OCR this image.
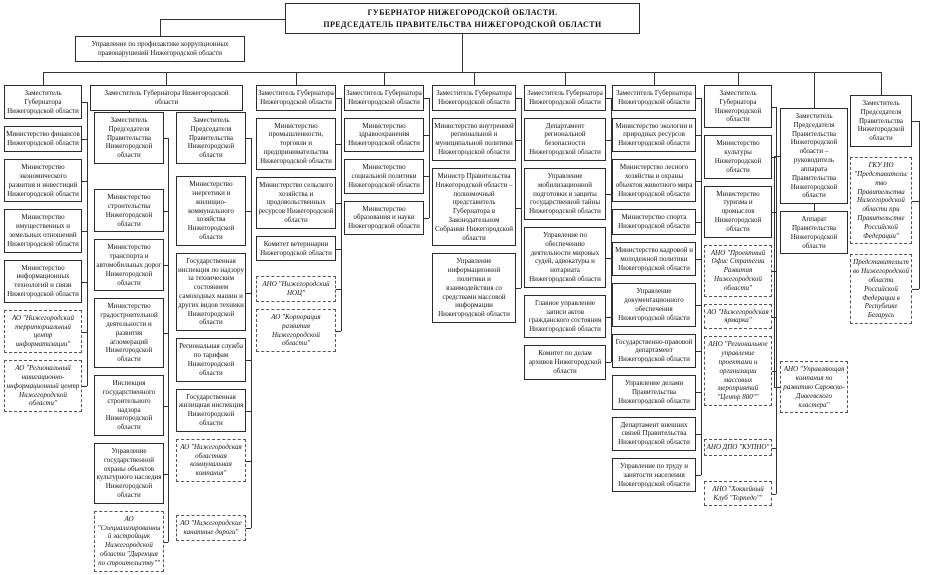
ГУБЕРНАТОР НИЖЕГОРОДСКОЙ ОБЛАСТИ.
ПРЕДСЕДАТЕЛЬ ПРАВИТЕЛЬСТВА НИЖЕГОРОДСКОЙ ОБЛАСТИ
Управление по профилактике коррупционных правонарушений Нижегородской области
Заместитель Губернатора Нижегородской области
Заместитель Губернатора Нижегородской области
Министерство финансов Нижегородской области
Министерство экономического развития и инвестиций Нижегородской области
Министерство имущественных и земельных отношений Нижегородской области
Министерство информационных технологий и связи Нижегородской области
АО "Нижегородский территориальный центр информатизации"
АО "Региональный навигационно-информационный центр Нижегородской области"
Заместитель Председателя Правительства Нижегородской области
Министерство строительства Нижегородской области
Министерство транспорта и автомобильных дорог Нижегородской области
Министерство градостроительной деятельности и развития агломераций Нижегородской области
Инспекция государственного строительного надзора Нижегородской области
Управление государственной охраны объектов культурного наследия Нижегородской области
АО "Специализированный застройщик Нижегородской области "Дирекция по строительству""
Заместитель Председателя Правительства Нижегородской области
Министерство энергетики и жилищно-коммунального хозяйства Нижегородской области
Государственная инспекция по надзору за техническим состоянием самоходных машин и других видов техники Нижегородской области
Региональная служба по тарифам Нижегородской области
Государственная жилищная инспекция Нижегородской области
АО "Нижегородская областная коммунальная компания"
АО "Нижегородские канатные дороги"
Заместитель Губернатора Нижегородской области
Министерство промышленности, торговли и предпринимательства Нижегородской области
Министерство сельского хозяйства и продовольственных ресурсов Нижегородской области
Комитет ветеринарии Нижегородской области
АНО "Нижегородский НОЦ"
АО "Корпорация развития Нижегородской области"
Заместитель Губернатора Нижегородской области
Министерство здравоохранения Нижегородской области
Министерство социальной политики Нижегородской области
Министерство образования и науки Нижегородской области
Заместитель Губернатора Нижегородской области
Министерство внутренней региональной и муниципальной политики Нижегородской области
Министр Правительства Нижегородской области – полномочный представитель Губернатора в Законодательном Собрании Нижегородской области
Управление информационной политики и взаимодействия со средствами массовой информации Нижегородской области
Заместитель Губернатора Нижегородской области
Департамент региональной безопасности Нижегородской области
Управление мобилизационной подготовки и защиты государственной тайны Нижегородской области
Управление по обеспечению деятельности мировых судей, адвокатуры и нотариата Нижегородской области
Главное управление записи актов гражданского состояния Нижегородской области
Комитет по делам архивов Нижегородской области
Заместитель Губернатора Нижегородской области
Министерство экологии и природных ресурсов Нижегородской области
Министерство лесного хозяйства и охраны объектов животного мира Нижегородской области
Министерство спорта Нижегородской области
Министерство кадровой и молодежной политики Нижегородской области
Управление документационного обеспечения Нижегородской области
Государственно-правовой департамент Нижегородской области
Управление делами Правительства Нижегородской области
Департамент внешних связей Правительства Нижегородской области
Управление по труду и занятости населения Нижегородской области
Заместитель Губернатора Нижегородской области
Министерство культуры Нижегородской области
Министерство туризма и промыслов Нижегородской области
АНО "Проектный Офис Стратегии Развития Нижегородской области"
АО "Нижегородская ярмарка"
АНО "Региональное управление проектами и организации массовых мероприятий "Центр 800""
АНО ДПО "КУПНО"
АНО "Хоккейный Клуб "Торпедо""
Заместитель Председателя Правительства Нижегородской области – руководитель аппарата Правительства Нижегородской области
Аппарат Правительства Нижегородской области
АНО "Управляющая компания по развитию Саровско-Дивеевского кластера"
Заместитель Председателя Правительства Нижегородской области
ГКУ НО "Представительство Правительства Нижегородской области при Правительстве Российской Федерации"
Представительство Нижегородской области Российской Федерации в Республике Беларусь
